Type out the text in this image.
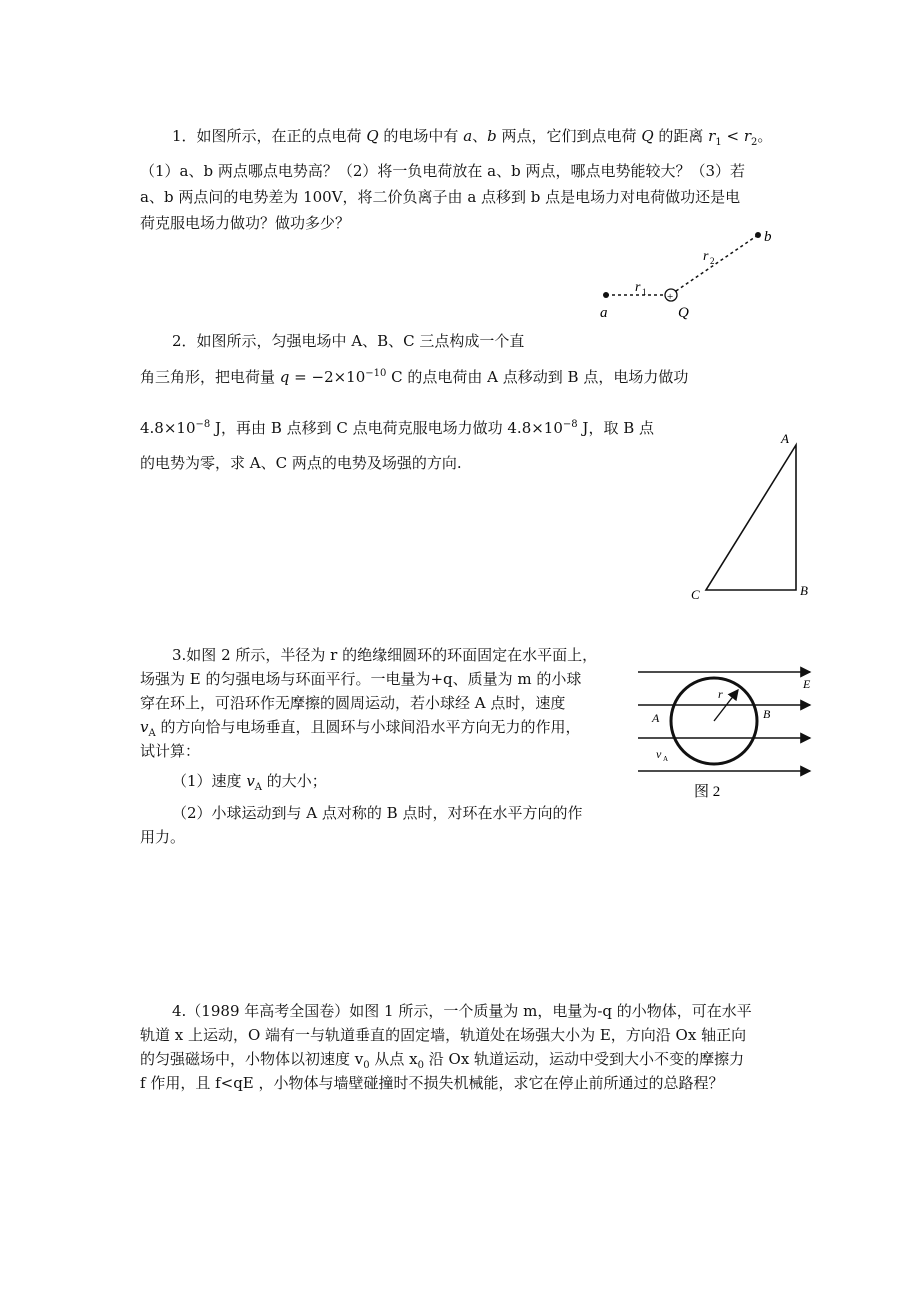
1．如图所示，在正的点电荷 Q 的电场中有 a、b 两点，它们到点电荷 Q 的距离 $r_1 < r_2$。
（1）a、b 两点哪点电势高？（2）将一负电荷放在 a、b 两点，哪点电势能较大？（3）若
a、b 两点问的电势差为 100V，将二价负离子由 a 点移到 b 点是电场力对电荷做功还是电
荷克服电场力做功？做功多少？
+
a	Q
b
r 1
r 2
2．如图所示，匀强电场中 A、B、C 三点构成一个直
角三角形，把电荷量 $q = -2\times 10^{-10}$ C 的点电荷由 A 点移动到 B 点，电场力做功
$4.8\times 10^{-8}$ J，再由 B 点移到 C 点电荷克服电场力做功 $4.8\times 10^{-8}$ J，取 B 点
的电势为零，求 A、C 两点的电势及场强的方向.
A
B
C
3.如图 2 所示，半径为 r 的绝缘细圆环的环面固定在水平面上，
场强为 E 的匀强电场与环面平行。一电量为+q、质量为 m 的小球
穿在环上，可沿环作无摩擦的圆周运动，若小球经 A 点时，速度
$v_A$ 的方向恰与电场垂直，且圆环与小球间沿水平方向无力的作用，
试计算：
（1）速度 $v_A$ 的大小；
（2）小球运动到与 A 点对称的 B 点时，对环在水平方向的作
用力。
r
E
A	B
v A
图 2
4.（1989 年高考全国卷）如图 1 所示，一个质量为 m，电量为-q 的小物体，可在水平
轨道 x 上运动，O 端有一与轨道垂直的固定墙，轨道处在场强大小为 E，方向沿 Ox 轴正向
的匀强磁场中，小物体以初速度 $v_0$ 从点 $x_0$ 沿 Ox 轨道运动，运动中受到大小不变的摩擦力
f 作用，且 f<qE ，小物体与墙壁碰撞时不损失机械能，求它在停止前所通过的总路程？
